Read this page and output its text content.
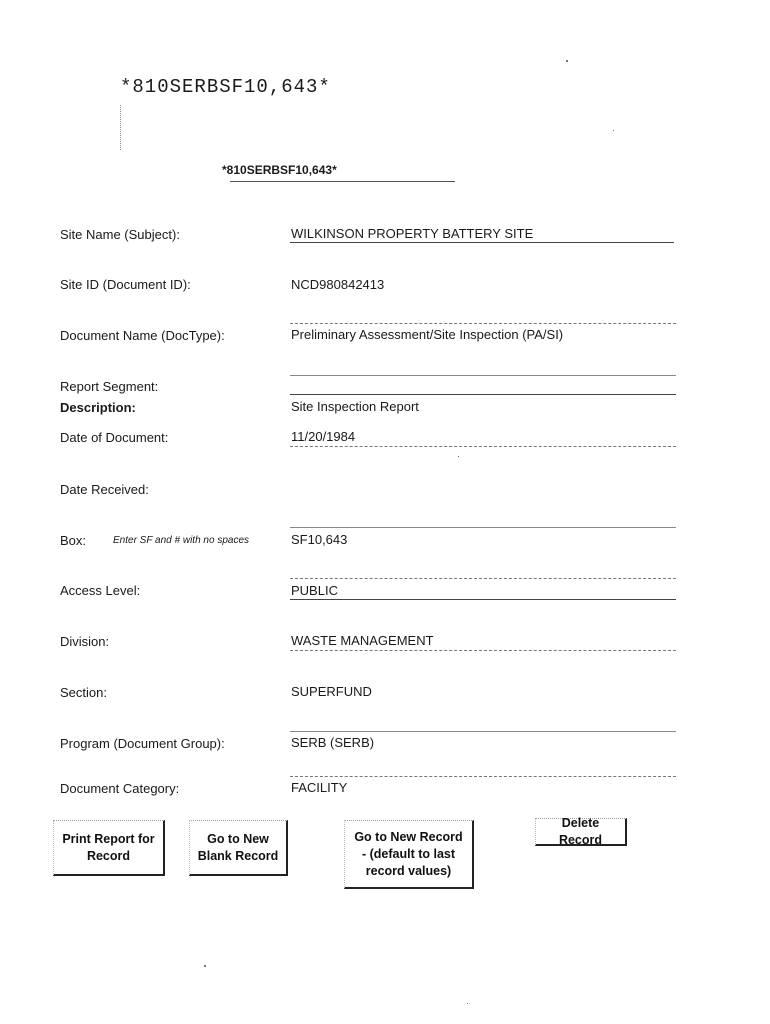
*810SERBSF10,643*
*810SERBSF10,643*
Site Name (Subject):	WILKINSON PROPERTY BATTERY SITE
Site ID (Document ID):	NCD980842413
Document Name (DocType):	Preliminary Assessment/Site Inspection (PA/SI)
Report Segment:
Description:	Site Inspection Report
Date of Document:	11/20/1984
Date Received:
Box:	Enter SF and # with no spaces	SF10,643
Access Level:	PUBLIC
Division:	WASTE MANAGEMENT
Section:	SUPERFUND
Program (Document Group):	SERB (SERB)
Document Category:	FACILITY
Print Report for Record
Go to New Blank Record
Go to New Record - (default to last record values)
Delete Record
